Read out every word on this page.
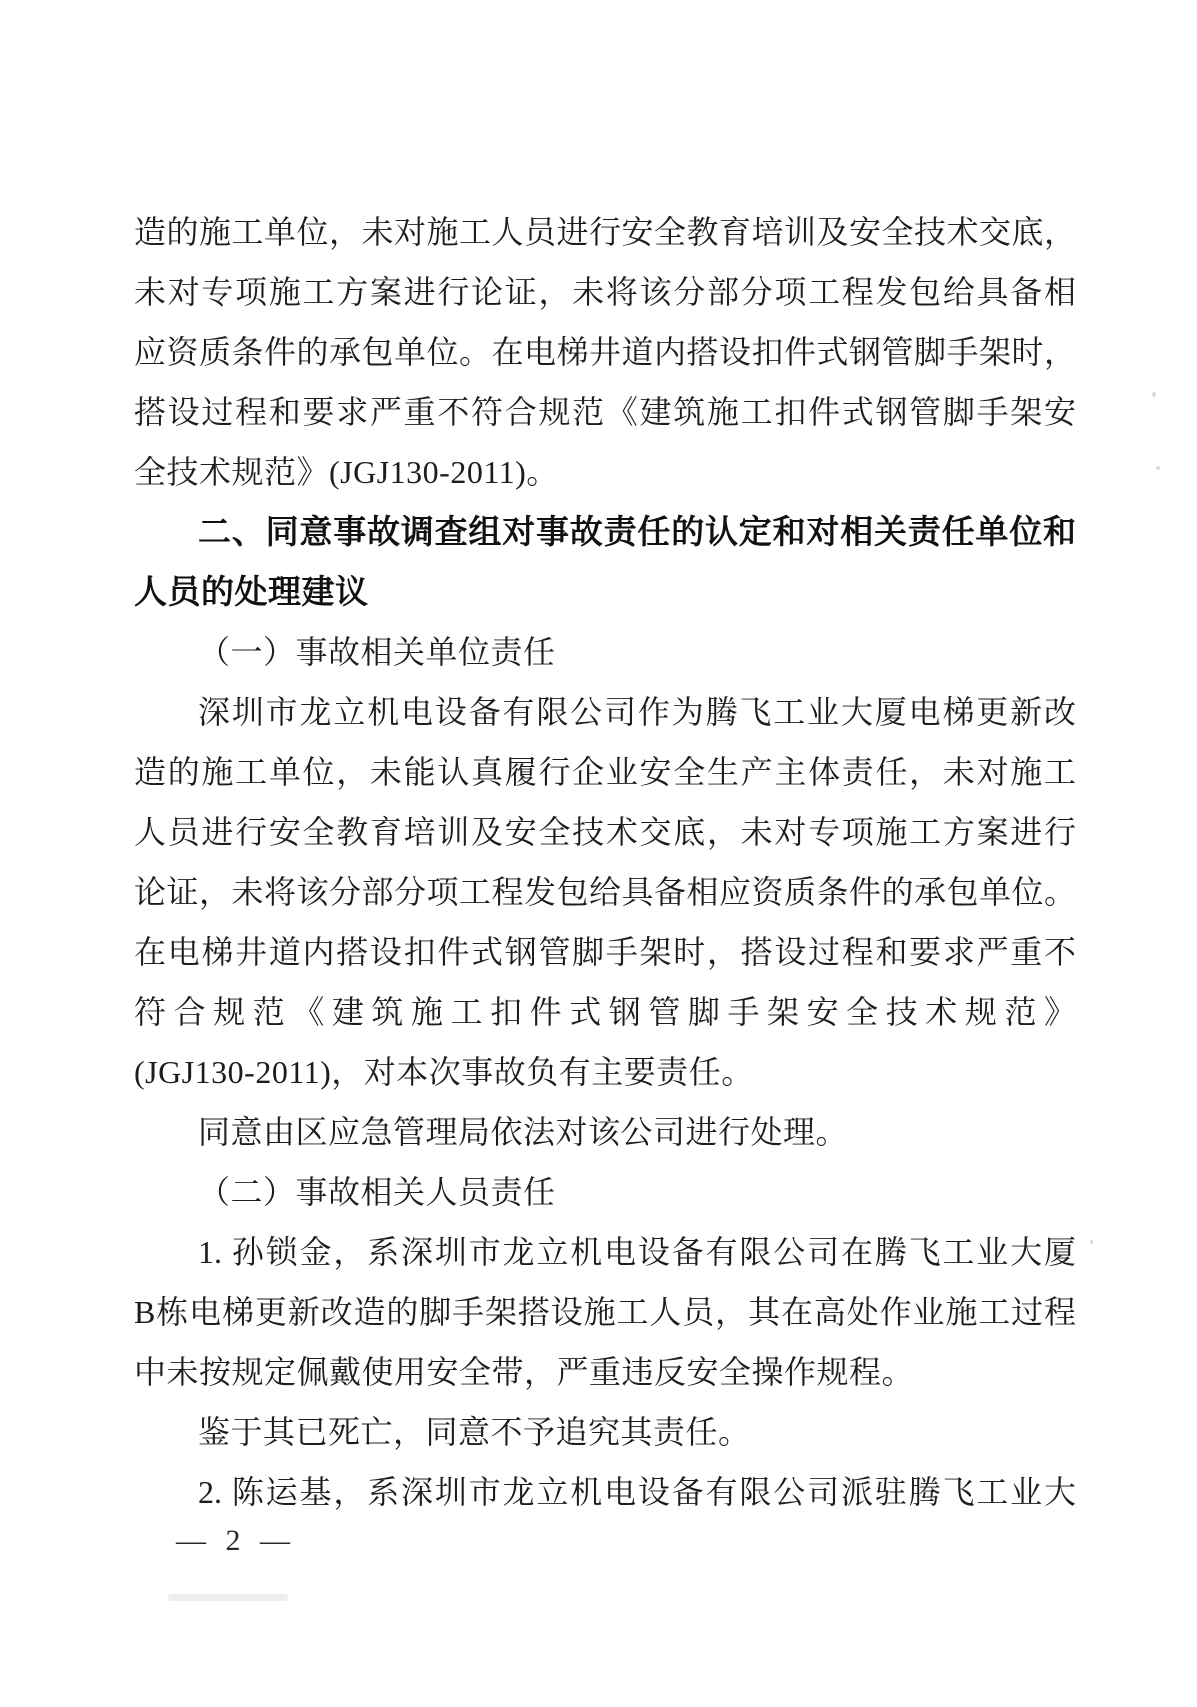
造的施工单位，未对施工人员进行安全教育培训及安全技术交底，
未对专项施工方案进行论证，未将该分部分项工程发包给具备相
应资质条件的承包单位。在电梯井道内搭设扣件式钢管脚手架时，
搭设过程和要求严重不符合规范《建筑施工扣件式钢管脚手架安
全技术规范》(JGJ130-2011)。
二、同意事故调查组对事故责任的认定和对相关责任单位和
人员的处理建议
（一）事故相关单位责任
深圳市龙立机电设备有限公司作为腾飞工业大厦电梯更新改
造的施工单位，未能认真履行企业安全生产主体责任，未对施工
人员进行安全教育培训及安全技术交底，未对专项施工方案进行
论证，未将该分部分项工程发包给具备相应资质条件的承包单位。
在电梯井道内搭设扣件式钢管脚手架时，搭设过程和要求严重不
符合规范《建筑施工扣件式钢管脚手架安全技术规范》
(JGJ130-2011)，对本次事故负有主要责任。
同意由区应急管理局依法对该公司进行处理。
（二）事故相关人员责任
1. 孙锁金，系深圳市龙立机电设备有限公司在腾飞工业大厦
B栋电梯更新改造的脚手架搭设施工人员，其在高处作业施工过程
中未按规定佩戴使用安全带，严重违反安全操作规程。
鉴于其已死亡，同意不予追究其责任。
2. 陈运基，系深圳市龙立机电设备有限公司派驻腾飞工业大
— 2 —
